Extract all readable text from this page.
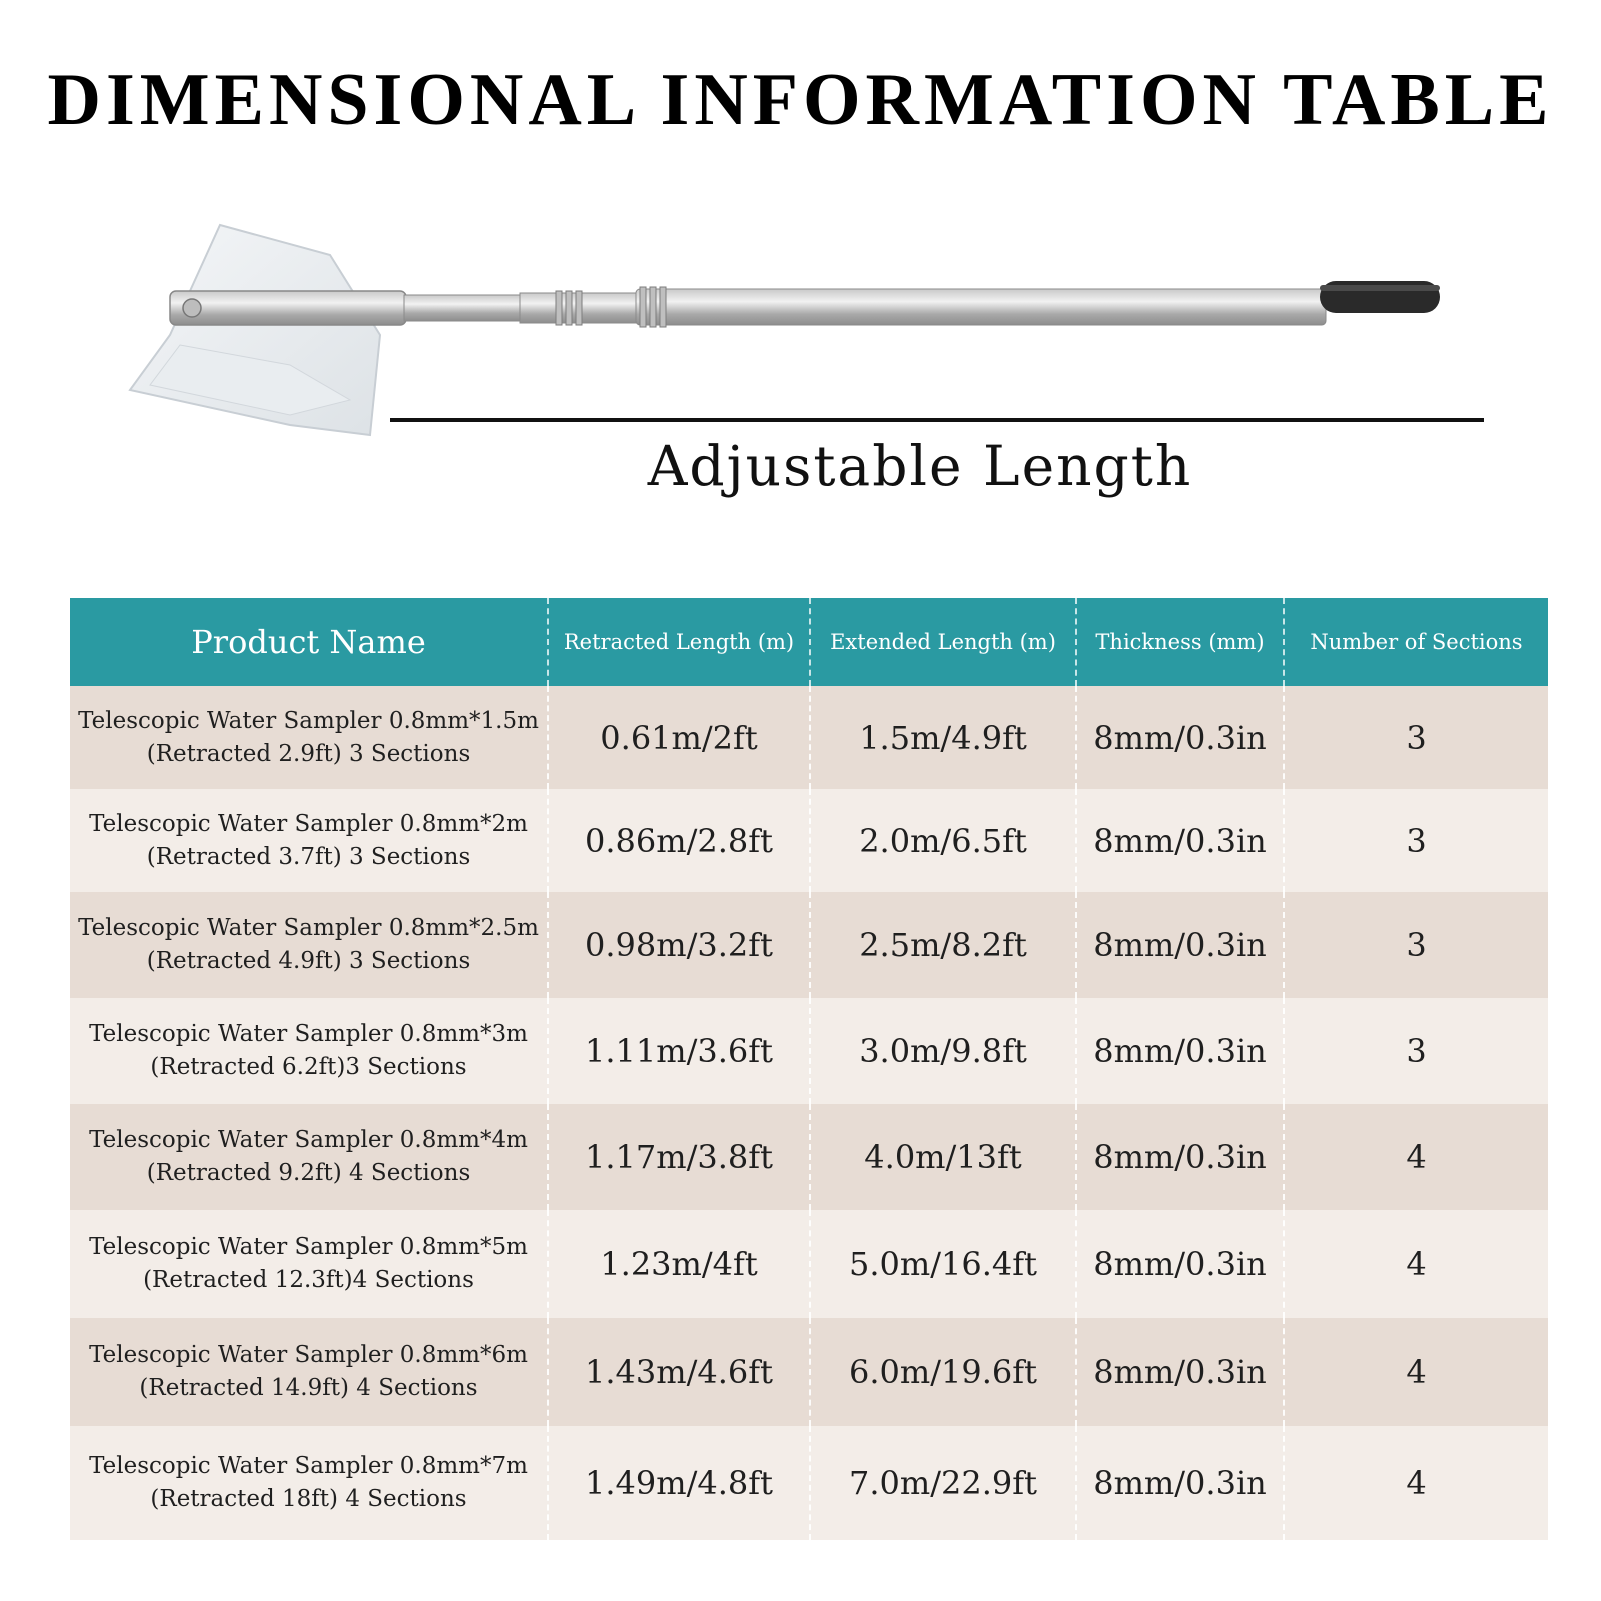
DIMENSIONAL INFORMATION TABLE
Adjustable Length
Product Name	Retracted Length (m)	Extended Length (m)	Thickness (mm)	Number of Sections

Telescopic Water Sampler 0.8mm*1.5m
(Retracted 2.9ft) 3 Sections	0.61m/2ft	1.5m/4.9ft	8mm/0.3in	3

Telescopic Water Sampler 0.8mm*2m
(Retracted 3.7ft) 3 Sections	0.86m/2.8ft	2.0m/6.5ft	8mm/0.3in	3

Telescopic Water Sampler 0.8mm*2.5m
(Retracted 4.9ft) 3 Sections	0.98m/3.2ft	2.5m/8.2ft	8mm/0.3in	3

Telescopic Water Sampler 0.8mm*3m
(Retracted 6.2ft)3 Sections	1.11m/3.6ft	3.0m/9.8ft	8mm/0.3in	3

Telescopic Water Sampler 0.8mm*4m
(Retracted 9.2ft) 4 Sections	1.17m/3.8ft	4.0m/13ft	8mm/0.3in	4

Telescopic Water Sampler 0.8mm*5m
(Retracted 12.3ft)4 Sections	1.23m/4ft	5.0m/16.4ft	8mm/0.3in	4

Telescopic Water Sampler 0.8mm*6m
(Retracted 14.9ft) 4 Sections	1.43m/4.6ft	6.0m/19.6ft	8mm/0.3in	4

Telescopic Water Sampler 0.8mm*7m
(Retracted 18ft) 4 Sections	1.49m/4.8ft	7.0m/22.9ft	8mm/0.3in	4
